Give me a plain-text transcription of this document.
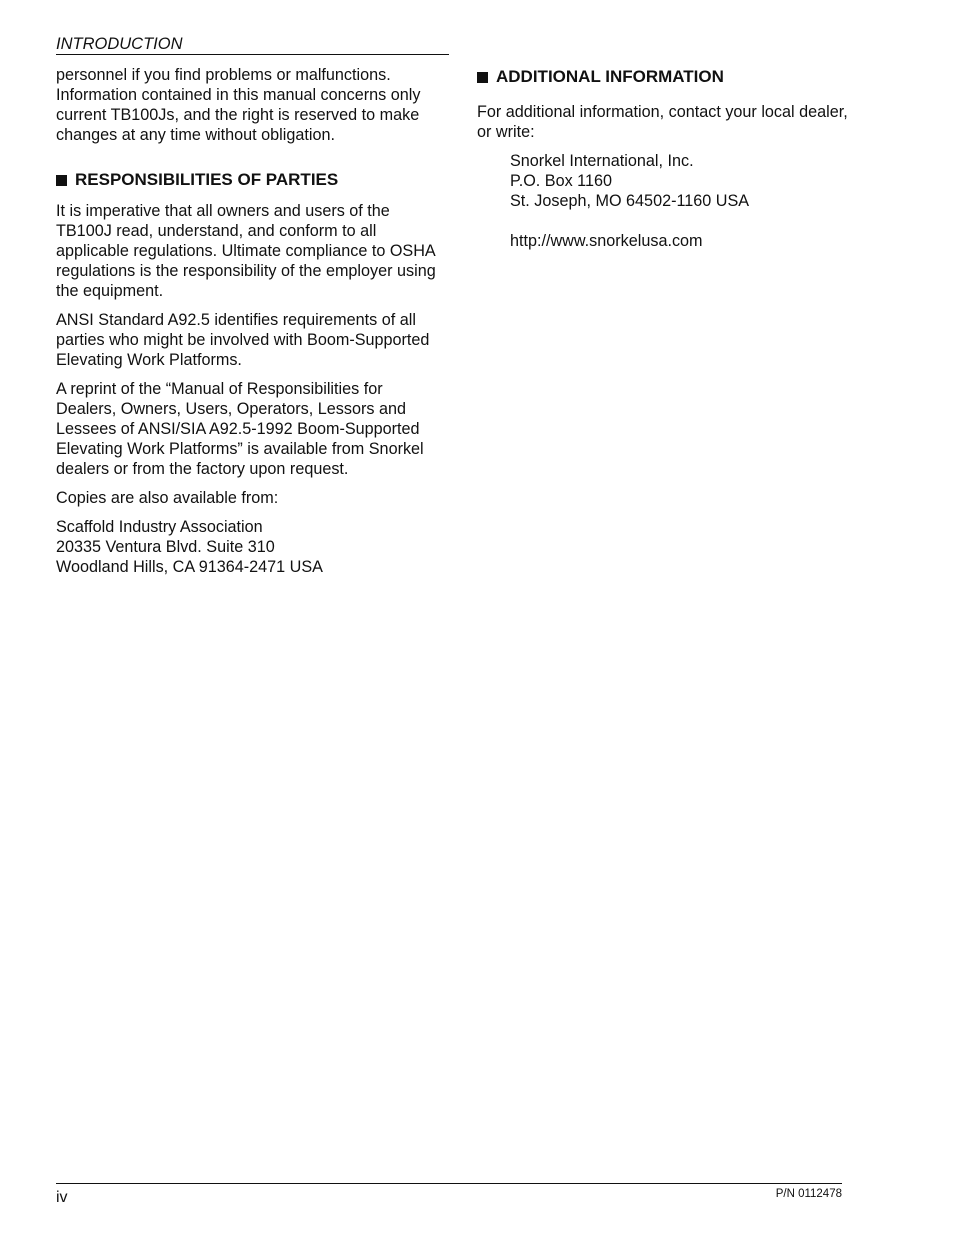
INTRODUCTION

personnel if you find problems or malfunctions. Information contained in this manual concerns only current TB100Js, and the right is reserved to make changes at any time without obligation.

RESPONSIBILITIES OF PARTIES

It is imperative that all owners and users of the TB100J read, understand, and conform to all applicable regulations. Ultimate compliance to OSHA regulations is the responsibility of the employer using the equipment.

ANSI Standard A92.5 identifies requirements of all parties who might be involved with Boom-Supported Elevating Work Platforms.

A reprint of the “Manual of Responsibilities for Dealers, Owners, Users, Operators, Lessors and Lessees of ANSI/SIA A92.5-1992 Boom-Supported Elevating Work Platforms” is available from Snorkel dealers or from the factory upon request.

Copies are also available from:

Scaffold Industry Association
20335 Ventura Blvd. Suite 310
Woodland Hills, CA 91364-2471 USA

ADDITIONAL INFORMATION

For additional information, contact your local dealer, or write:

Snorkel International, Inc.
P.O. Box 1160
St. Joseph, MO 64502-1160 USA

http://www.snorkelusa.com

iv	P/N 0112478
